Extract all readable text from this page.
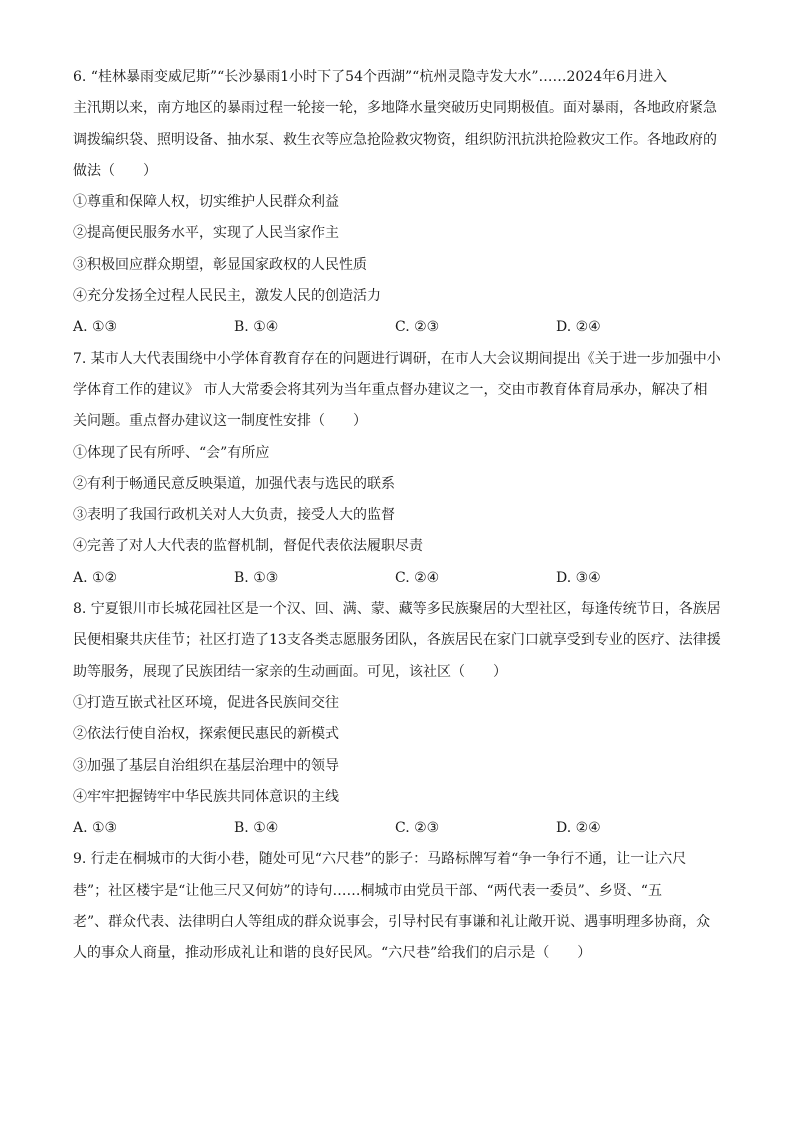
6. “桂林暴雨变威尼斯”“长沙暴雨1小时下了54个西湖”“杭州灵隐寺发大水”……2024年6月进入
主汛期以来，南方地区的暴雨过程一轮接一轮，多地降水量突破历史同期极值。面对暴雨，各地政府紧急
调拨编织袋、照明设备、抽水泵、救生衣等应急抢险救灾物资，组织防汛抗洪抢险救灾工作。各地政府的
做法（　　）
①尊重和保障人权，切实维护人民群众利益
②提高便民服务水平，实现了人民当家作主
③积极回应群众期望，彰显国家政权的人民性质
④充分发扬全过程人民民主，激发人民的创造活力
A. ①③	B. ①④	C. ②③	D. ②④
7. 某市人大代表围绕中小学体育教育存在的问题进行调研，在市人大会议期间提出《关于进一步加强中小
学体育工作的建议》 市人大常委会将其列为当年重点督办建议之一，交由市教育体育局承办，解决了相
关问题。重点督办建议这一制度性安排（　　）
①体现了民有所呼、“会”有所应
②有利于畅通民意反映渠道，加强代表与选民的联系
③表明了我国行政机关对人大负责，接受人大的监督
④完善了对人大代表的监督机制，督促代表依法履职尽责
A. ①②	B. ①③	C. ②④	D. ③④
8. 宁夏银川市长城花园社区是一个汉、回、满、蒙、藏等多民族聚居的大型社区，每逢传统节日，各族居
民便相聚共庆佳节；社区打造了13支各类志愿服务团队，各族居民在家门口就享受到专业的医疗、法律援
助等服务，展现了民族团结一家亲的生动画面。可见，该社区（　　）
①打造互嵌式社区环境，促进各民族间交往
②依法行使自治权，探索便民惠民的新模式
③加强了基层自治组织在基层治理中的领导
④牢牢把握铸牢中华民族共同体意识的主线
A. ①③	B. ①④	C. ②③	D. ②④
9. 行走在桐城市的大街小巷，随处可见“六尺巷”的影子：马路标牌写着“争一争行不通，让一让六尺
巷”；社区楼宇是“让他三尺又何妨”的诗句……桐城市由党员干部、“两代表一委员”、乡贤、“五
老”、群众代表、法律明白人等组成的群众说事会，引导村民有事谦和礼让敞开说、遇事明理多协商，众
人的事众人商量，推动形成礼让和谐的良好民风。“六尺巷”给我们的启示是（　　）
